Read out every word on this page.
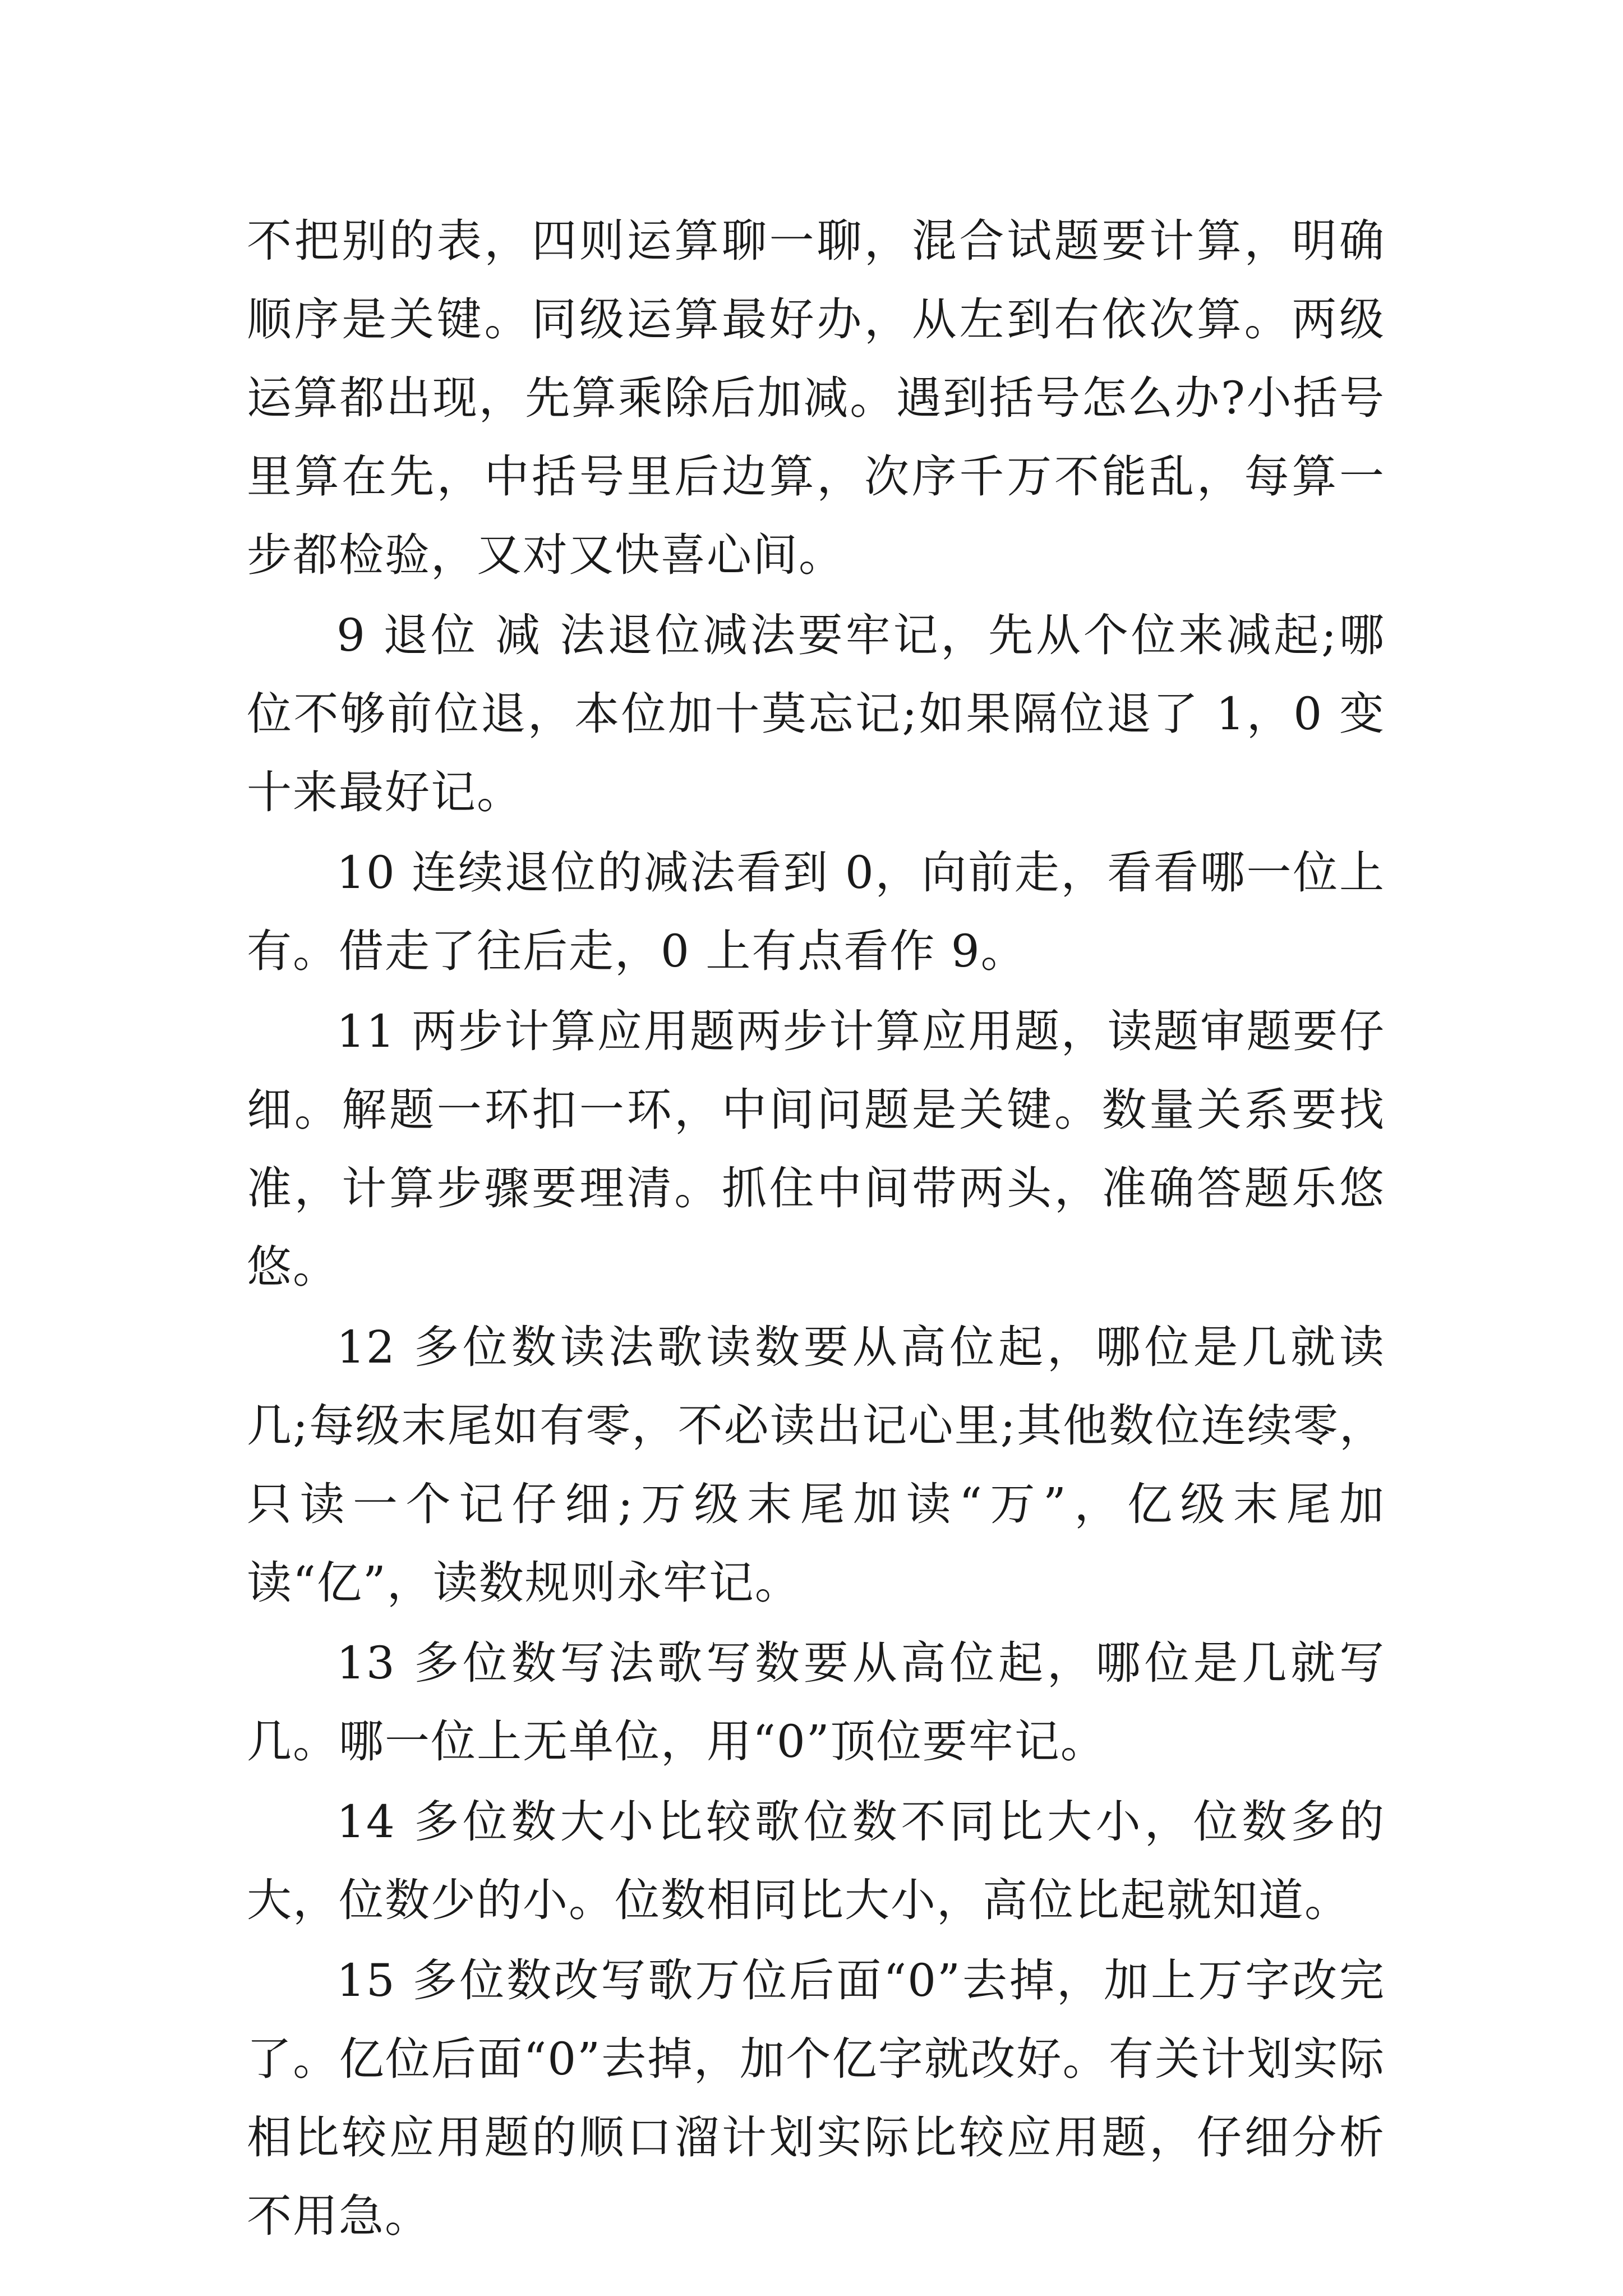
不把别的表，四则运算聊一聊，混合试题要计算，明确顺序是关键。同级运算最好办，从左到右依次算。两级运算都出现，先算乘除后加减。遇到括号怎么办?小括号里算在先，中括号里后边算，次序千万不能乱，每算一步都检验，又对又快喜心间。

9 退位 减 法退位减法要牢记，先从个位来减起;哪位不够前位退，本位加十莫忘记;如果隔位退了 1，0 变十来最好记。

10 连续退位的减法看到 0，向前走，看看哪一位上有。借走了往后走，0 上有点看作 9。

11 两步计算应用题两步计算应用题，读题审题要仔细。解题一环扣一环，中间问题是关键。数量关系要找准，计算步骤要理清。抓住中间带两头，准确答题乐悠悠。

12 多位数读法歌读数要从高位起，哪位是几就读几;每级末尾如有零，不必读出记心里;其他数位连续零，只读一个记仔细;万级末尾加读“万”，亿级末尾加读“亿”，读数规则永牢记。

13 多位数写法歌写数要从高位起，哪位是几就写几。哪一位上无单位，用“0”顶位要牢记。

14 多位数大小比较歌位数不同比大小，位数多的大，位数少的小。位数相同比大小，高位比起就知道。

15 多位数改写歌万位后面“0”去掉，加上万字改完了。亿位后面“0”去掉，加个亿字就改好。有关计划实际相比较应用题的顺口溜计划实际比较应用题，仔细分析不用急。
